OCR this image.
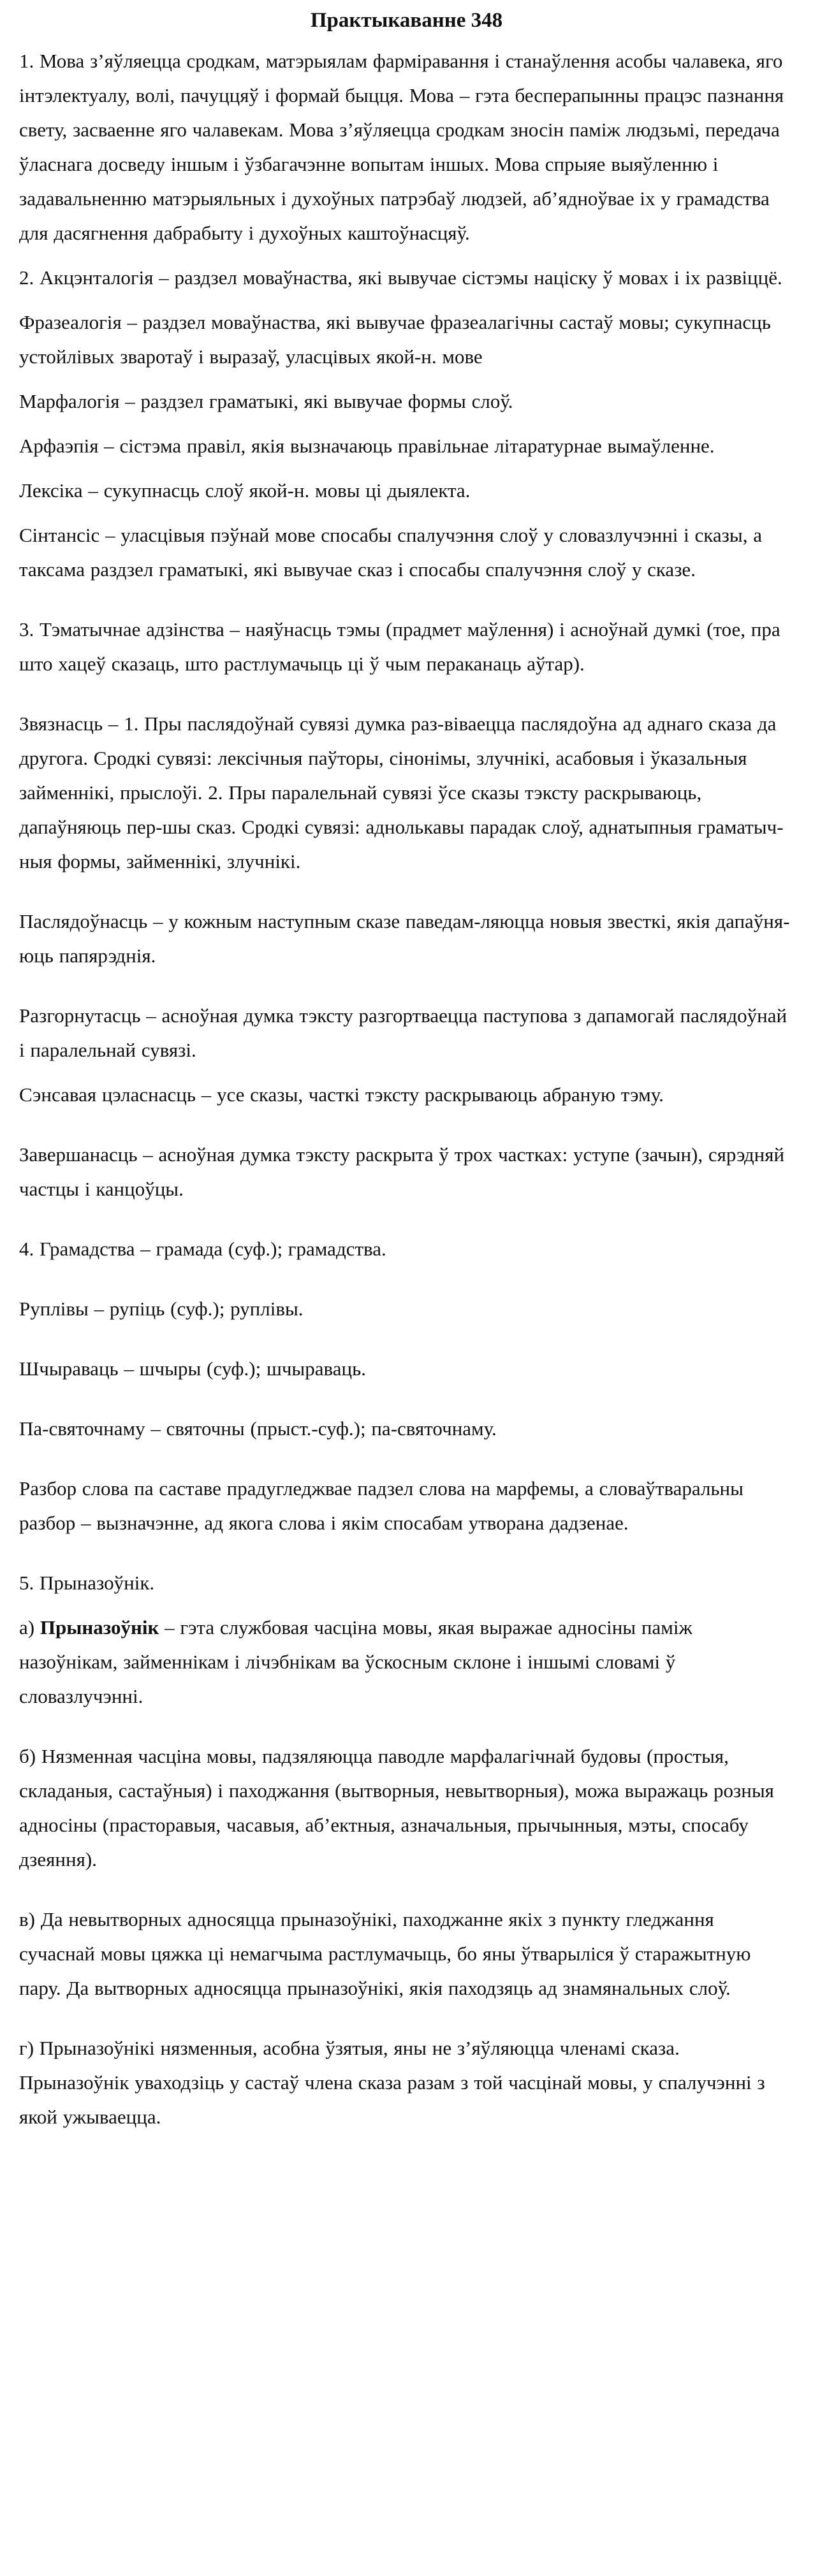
Практыкаванне 348

1. Мова з’яўляецца сродкам, матэрыялам фарміравання і станаўлення асобы чалавека, яго інтэлектуалу, волі, пачуццяў і формай быцця. Мова – гэта бесперапынны працэс пазнання свету, засваенне яго чалавекам. Мова з’яўляецца сродкам зносін паміж людзьмі, передача ўласнага досведу іншым і ўзбагачэнне вопытам іншых. Мова спрыяе выяўленню і задавальненню матэрыяльных і духоўных патрэбаў людзей, аб’ядноўвае іх у грамадства для дасягнення дабрабыту і духоўных каштоўнасцяў.

2. Акцэнталогія – раздзел моваўнаства, які вывучае сістэмы націску ў мовах і іх развіццё.

Фразеалогія – раздзел моваўнаства, які вывучае фразеалагічны састаў мовы; сукупнасць устойлівых зваротаў і выразаў, уласцівых якой-н. мове

Марфалогія – раздзел граматыкі, які вывучае формы слоў.

Арфаэпія – сістэма правіл, якія вызначаюць правільнае літаратурнае вымаўленне.

Лексіка – сукупнасць слоў якой-н. мовы ці дыялекта.

Сінтансіс – уласцівыя пэўнай мове спосабы спалучэння слоў у словазлучэнні і сказы, а таксама раздзел граматыкі, які вывучае сказ і спосабы спалучэння слоў у сказе.

3. Тэматычнае адзінства – наяўнасць тэмы (прадмет маўлення) і асноўнай думкі (тое, пра што хацеў сказаць, што растлумачыць ці ў чым пераканаць аўтар).

Звязнасць – 1. Пры паслядоўнай сувязі думка раз-віваецца паслядоўна ад аднаго сказа да другога. Сродкі сувязі: лексічныя паўторы, сінонімы, злучнікі, асабовыя і ўказальныя займеннікі, прыслоўі. 2. Пры паралельнай сувязі ўсе сказы тэксту раскрываюць, дапаўняюць пер-шы сказ. Сродкі сувязі: аднолькавы парадак слоў, аднатыпныя граматыч-ныя формы, займеннікі, злучнікі.

Паслядоўнасць – у кожным наступным сказе паведам-ляюцца новыя звесткі, якія дапаўня-юць папярэднія.

Разгорнутасць – асноўная думка тэксту разгортваецца паступова з дапамогай паслядоўнай і паралельнай сувязі.

Сэнсавая цэласнасць – усе сказы, часткі тэксту раскрываюць абраную тэму.

Завершанасць – асноўная думка тэксту раскрыта ў трох частках: уступе (зачын), сярэдняй частцы і канцоўцы.

4. Грамадства – грамада (суф.); грамадства.

Руплівы – рупіць (суф.); руплівы.

Шчыраваць – шчыры (суф.); шчыраваць.

Па-святочнаму – святочны (прыст.-суф.); па-святочнаму.

Разбор слова па саставе прадугледжвае падзел слова на марфемы, а словаўтваральны разбор – вызначэнне, ад якога слова і якім спосабам утворана дадзенае.

5. Прыназоўнік.

а) Прыназоўнік – гэта службовая часціна мовы, якая выражае адносіны паміж назоўнікам, займеннікам і лічэбнікам ва ўскосным склоне і іншымі словамі ў словазлучэнні.

б) Нязменная часціна мовы, падзяляюцца паводле марфалагічнай будовы (простыя, складаныя, састаўныя) і паходжання (вытворныя, невытворныя), можа выражаць розныя адносіны (прасторавыя, часавыя, аб’ектныя, азначальныя, прычынныя, мэты, спосабу дзеяння).

в) Да невытворных адносяцца прыназоўнікі, паходжанне якіх з пункту гледжання сучаснай мовы цяжка ці немагчыма растлумачыць, бо яны ўтварыліся ў старажытную пару. Да вытворных адносяцца прыназоўнікі, якія паходзяць ад знамянальных слоў.

г) Прыназоўнікі нязменныя, асобна ўзятыя, яны не з’яўляюцца членамі сказа. Прыназоўнік уваходзіць у састаў члена сказа разам з той часцінай мовы, у спалучэнні з якой ужываецца.
